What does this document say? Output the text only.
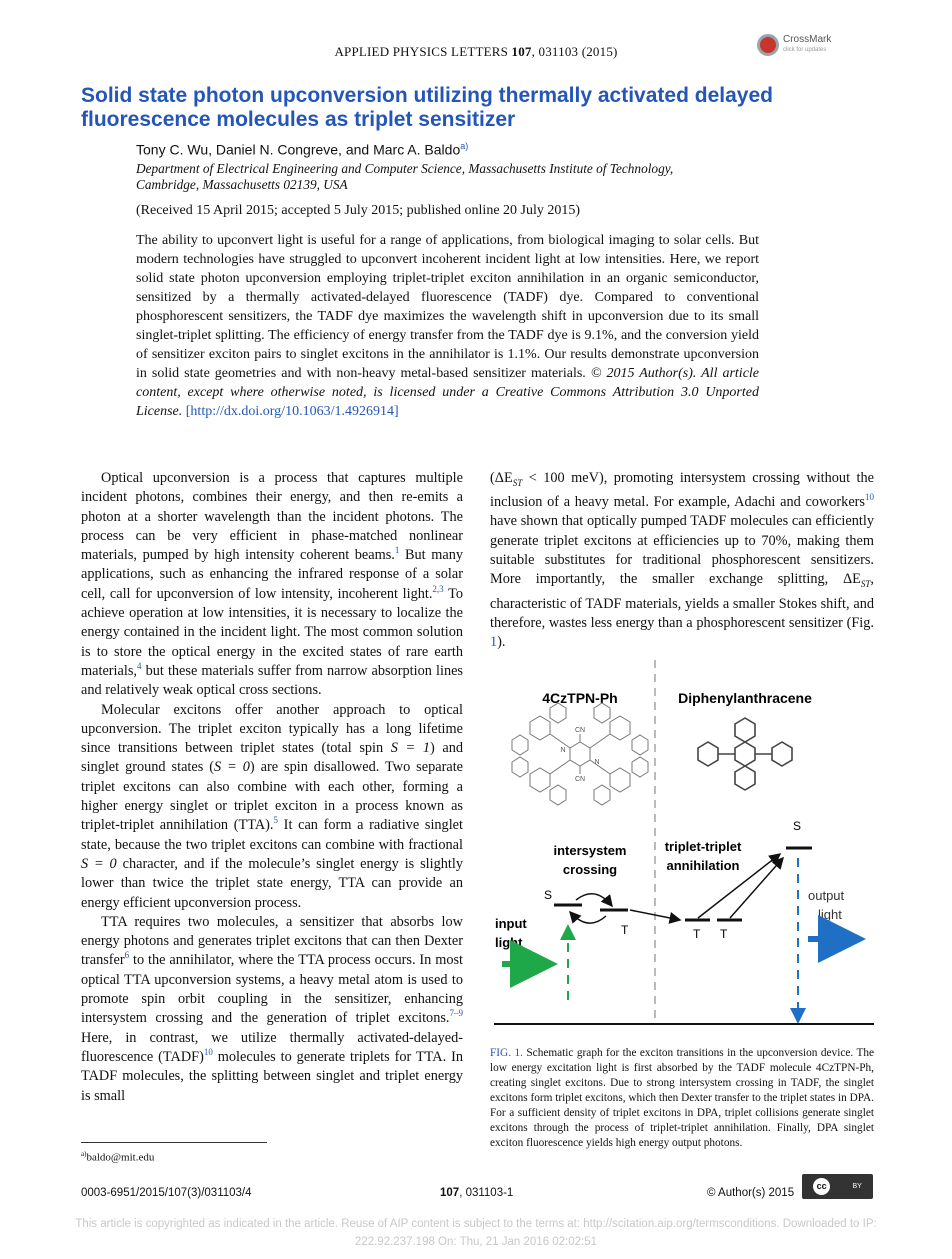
APPLIED PHYSICS LETTERS 107, 031103 (2015)
CrossMark
click for updates
Solid state photon upconversion utilizing thermally activated delayed fluorescence molecules as triplet sensitizer
Tony C. Wu, Daniel N. Congreve, and Marc A. Baldo$^{a)}$
Department of Electrical Engineering and Computer Science, Massachusetts Institute of Technology,
Cambridge, Massachusetts 02139, USA
(Received 15 April 2015; accepted 5 July 2015; published online 20 July 2015)
The ability to upconvert light is useful for a range of applications, from biological imaging to solar cells. But modern technologies have struggled to upconvert incoherent incident light at low intensities. Here, we report solid state photon upconversion employing triplet-triplet exciton annihilation in an organic semiconductor, sensitized by a thermally activated-delayed fluorescence (TADF) dye. Compared to conventional phosphorescent sensitizers, the TADF dye maximizes the wavelength shift in upconversion due to its small singlet-triplet splitting. The efficiency of energy transfer from the TADF dye is 9.1%, and the conversion yield of sensitizer exciton pairs to singlet excitons in the annihilator is 1.1%. Our results demonstrate upconversion in solid state geometries and with non-heavy metal-based sensitizer materials. © 2015 Author(s). All article content, except where otherwise noted, is licensed under a Creative Commons Attribution 3.0 Unported License. [http://dx.doi.org/10.1063/1.4926914]

Optical upconversion is a process that captures multiple incident photons, combines their energy, and then re-emits a photon at a shorter wavelength than the incident photons. The process can be very efficient in phase-matched nonlinear materials, pumped by high intensity coherent beams.$^1$ But many applications, such as enhancing the infrared response of a solar cell, call for upconversion of low intensity, incoherent light.$^{2,3}$ To achieve operation at low intensities, it is necessary to localize the energy contained in the incident light. The most common solution is to store the optical energy in the excited states of rare earth materials,$^4$ but these materials suffer from narrow absorption lines and relatively weak optical cross sections.

Molecular excitons offer another approach to optical upconversion. The triplet exciton typically has a long lifetime since transitions between triplet states (total spin S = 1) and singlet ground states (S = 0) are spin disallowed. Two separate triplet excitons can also combine with each other, forming a higher energy singlet or triplet exciton in a process known as triplet-triplet annihilation (TTA).$^5$ It can form a radiative singlet state, because the two triplet excitons can combine with fractional S = 0 character, and if the molecule’s singlet energy is slightly lower than twice the triplet state energy, TTA can provide an energy efficient upconversion process.

TTA requires two molecules, a sensitizer that absorbs low energy photons and generates triplet excitons that can then Dexter transfer$^6$ to the annihilator, where the TTA process occurs. In most optical TTA upconversion systems, a heavy metal atom is used to promote spin orbit coupling in the sensitizer, enhancing intersystem crossing and the generation of triplet excitons.$^{7-9}$ Here, in contrast, we utilize thermally activated-delayed-fluorescence (TADF)$^{10}$ molecules to generate triplets for TTA. In TADF molecules, the splitting between singlet and triplet energy is small

($\Delta E_{ST} < 100$ meV), promoting intersystem crossing without the inclusion of a heavy metal. For example, Adachi and coworkers$^{10}$ have shown that optically pumped TADF molecules can efficiently generate triplet excitons at efficiencies up to 70%, making them suitable substitutes for traditional phosphorescent sensitizers. More importantly, the smaller exchange splitting, $\Delta E_{ST}$, characteristic of TADF materials, yields a smaller Stokes shift, and therefore, wastes less energy than a phosphorescent sensitizer (Fig. 1).

4CzTPN-Ph	Diphenylanthracene
CN
CN
N
N
intersystem
crossing
triplet-triplet
annihilation
S
T	T T
S
input
light
output
light
FIG. 1. Schematic graph for the exciton transitions in the upconversion device. The low energy excitation light is first absorbed by the TADF molecule 4CzTPN-Ph, creating singlet excitons. Due to strong intersystem crossing in TADF, the singlet excitons form triplet excitons, which then Dexter transfer to the triplet states in DPA. For a sufficient density of triplet excitons in DPA, triplet collisions generate singlet excitons through the process of triplet-triplet annihilation. Finally, DPA singlet exciton fluorescence yields high energy output photons.
$^{a)}$baldo@mit.edu
0003-6951/2015/107(3)/031103/4	107, 031103-1	© Author(s) 2015
cc	BY
This article is copyrighted as indicated in the article. Reuse of AIP content is subject to the terms at: http://scitation.aip.org/termsconditions. Downloaded to IP:
222.92.237.198 On: Thu, 21 Jan 2016 02:02:51
